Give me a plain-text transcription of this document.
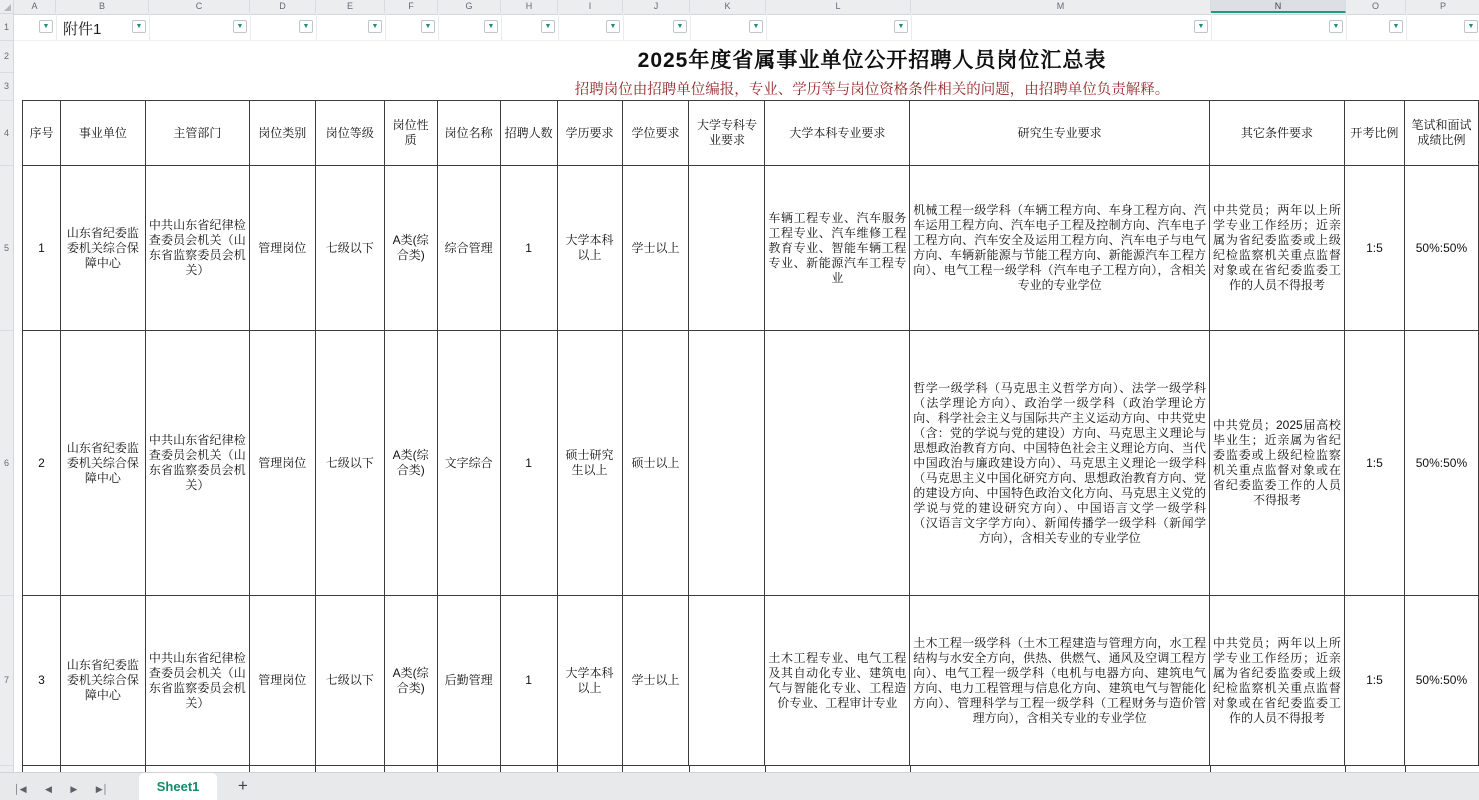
A	B	C	D	E	F	G	H	I	J	K	L	M	N	O	P
1
2
3
4
5
6
7
附件1
▼	▼	▼	▼	▼	▼	▼	▼	▼	▼	▼	▼	▼	▼	▼	▼
2025年度省属事业单位公开招聘人员岗位汇总表
招聘岗位由招聘单位编报，专业、学历等与岗位资格条件相关的问题，由招聘单位负责解释。
序号	事业单位	主管部门	岗位类别	岗位等级	岗位性质	岗位名称	招聘人数	学历要求	学位要求	大学专科专业要求	大学本科专业要求	研究生专业要求	其它条件要求	开考比例	笔试和面试成绩比例
1	山东省纪委监委机关综合保障中心	中共山东省纪律检查委员会机关（山东省监察委员会机关）	管理岗位	七级以下	A类(综合类)	综合管理	1	大学本科以上	学士以上		车辆工程专业、汽车服务工程专业、汽车维修工程教育专业、智能车辆工程专业、新能源汽车工程专业	机械工程一级学科（车辆工程方向、车身工程方向、汽车运用工程方向、汽车电子工程及控制方向、汽车电子工程方向、汽车安全及运用工程方向、汽车电子与电气方向、车辆新能源与节能工程方向、新能源汽车工程方向）、电气工程一级学科（汽车电子工程方向），含相关专业的专业学位	中共党员；两年以上所学专业工作经历；近亲属为省纪委监委或上级纪检监察机关重点监督对象或在省纪委监委工作的人员不得报考	1:5	50%:50%
2	山东省纪委监委机关综合保障中心	中共山东省纪律检查委员会机关（山东省监察委员会机关）	管理岗位	七级以下	A类(综合类)	文字综合	1	硕士研究生以上	硕士以上			哲学一级学科（马克思主义哲学方向）、法学一级学科（法学理论方向）、政治学一级学科（政治学理论方向、科学社会主义与国际共产主义运动方向、中共党史（含：党的学说与党的建设）方向、马克思主义理论与思想政治教育方向、中国特色社会主义理论方向、当代中国政治与廉政建设方向）、马克思主义理论一级学科（马克思主义中国化研究方向、思想政治教育方向、党的建设方向、中国特色政治文化方向、马克思主义党的学说与党的建设研究方向）、中国语言文学一级学科（汉语言文字学方向）、新闻传播学一级学科（新闻学方向），含相关专业的专业学位	中共党员；2025届高校毕业生；近亲属为省纪委监委或上级纪检监察机关重点监督对象或在省纪委监委工作的人员不得报考	1:5	50%:50%
3	山东省纪委监委机关综合保障中心	中共山东省纪律检查委员会机关（山东省监察委员会机关）	管理岗位	七级以下	A类(综合类)	后勤管理	1	大学本科以上	学士以上		土木工程专业、电气工程及其自动化专业、建筑电气与智能化专业、工程造价专业、工程审计专业	土木工程一级学科（土木工程建造与管理方向，水工程结构与水安全方向，供热、供燃气、通风及空调工程方向）、电气工程一级学科（电机与电器方向、建筑电气方向、电力工程管理与信息化方向、建筑电气与智能化方向）、管理科学与工程一级学科（工程财务与造价管理方向），含相关专业的专业学位	中共党员；两年以上所学专业工作经历；近亲属为省纪委监委或上级纪检监察机关重点监督对象或在省纪委监委工作的人员不得报考	1:5	50%:50%
│◀ ◀ ▶ ▶│	Sheet1 +
